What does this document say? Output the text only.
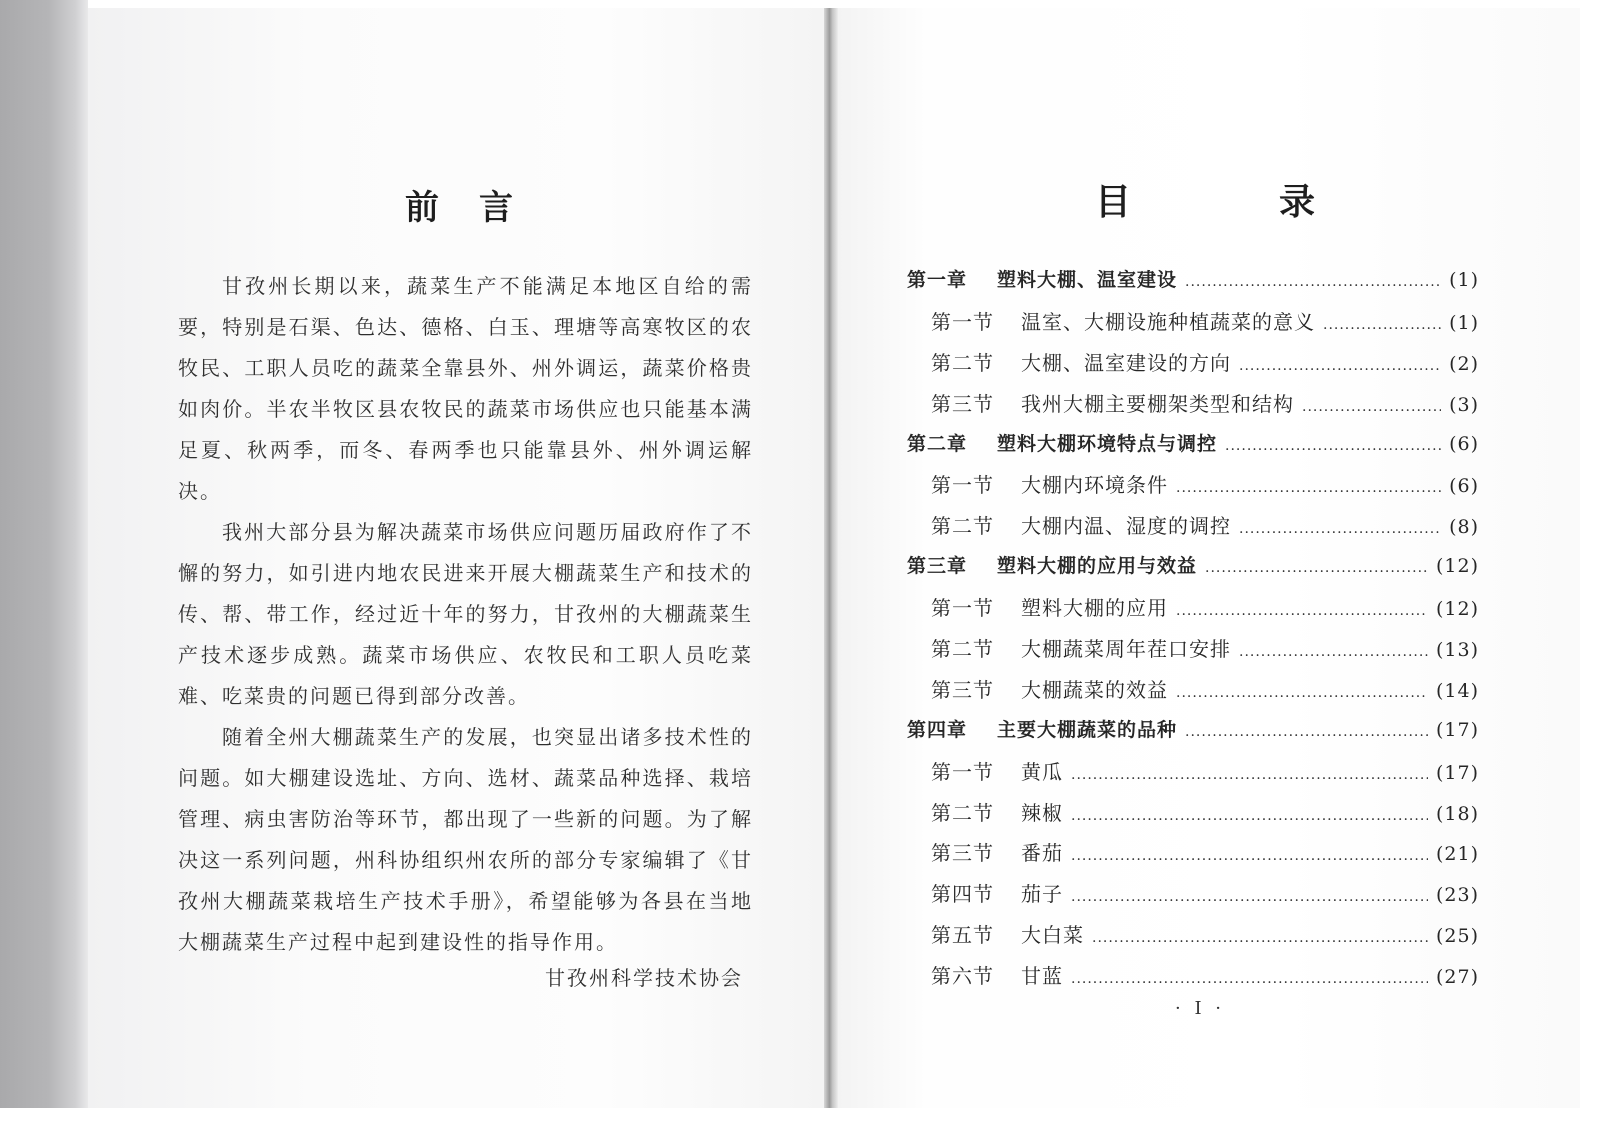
前言

甘孜州长期以来，蔬菜生产不能满足本地区自给的需要，特别是石渠、色达、德格、白玉、理塘等高寒牧区的农牧民、工职人员吃的蔬菜全靠县外、州外调运，蔬菜价格贵如肉价。半农半牧区县农牧民的蔬菜市场供应也只能基本满足夏、秋两季，而冬、春两季也只能靠县外、州外调运解决。

我州大部分县为解决蔬菜市场供应问题历届政府作了不懈的努力，如引进内地农民进来开展大棚蔬菜生产和技术的传、帮、带工作，经过近十年的努力，甘孜州的大棚蔬菜生产技术逐步成熟。蔬菜市场供应、农牧民和工职人员吃菜难、吃菜贵的问题已得到部分改善。

随着全州大棚蔬菜生产的发展，也突显出诸多技术性的问题。如大棚建设选址、方向、选材、蔬菜品种选择、栽培管理、病虫害防治等环节，都出现了一些新的问题。为了解决这一系列问题，州科协组织州农所的部分专家编辑了《甘孜州大棚蔬菜栽培生产技术手册》，希望能够为各县在当地大棚蔬菜生产过程中起到建设性的指导作用。

甘孜州科学技术协会
目	录
第一章	塑料大棚、温室建设 .....	(1)
第一节	温室、大棚设施种植蔬菜的意义 .....	(1)
第二节	大棚、温室建设的方向 .....	(2)
第三节	我州大棚主要棚架类型和结构 .....	(3)
第二章	塑料大棚环境特点与调控 .....	(6)
第一节	大棚内环境条件 .....	(6)
第二节	大棚内温、湿度的调控 .....	(8)
第三章	塑料大棚的应用与效益 .....	(12)
第一节	塑料大棚的应用 .....	(12)
第二节	大棚蔬菜周年茬口安排 .....	(13)
第三节	大棚蔬菜的效益 .....	(14)
第四章	主要大棚蔬菜的品种 .....	(17)
第一节	黄瓜 .....	(17)
第二节	辣椒 .....	(18)
第三节	番茄 .....	(21)
第四节	茄子 .....	(23)
第五节	大白菜 .....	(25)
第六节	甘蓝 .....	(27)
· I ·
